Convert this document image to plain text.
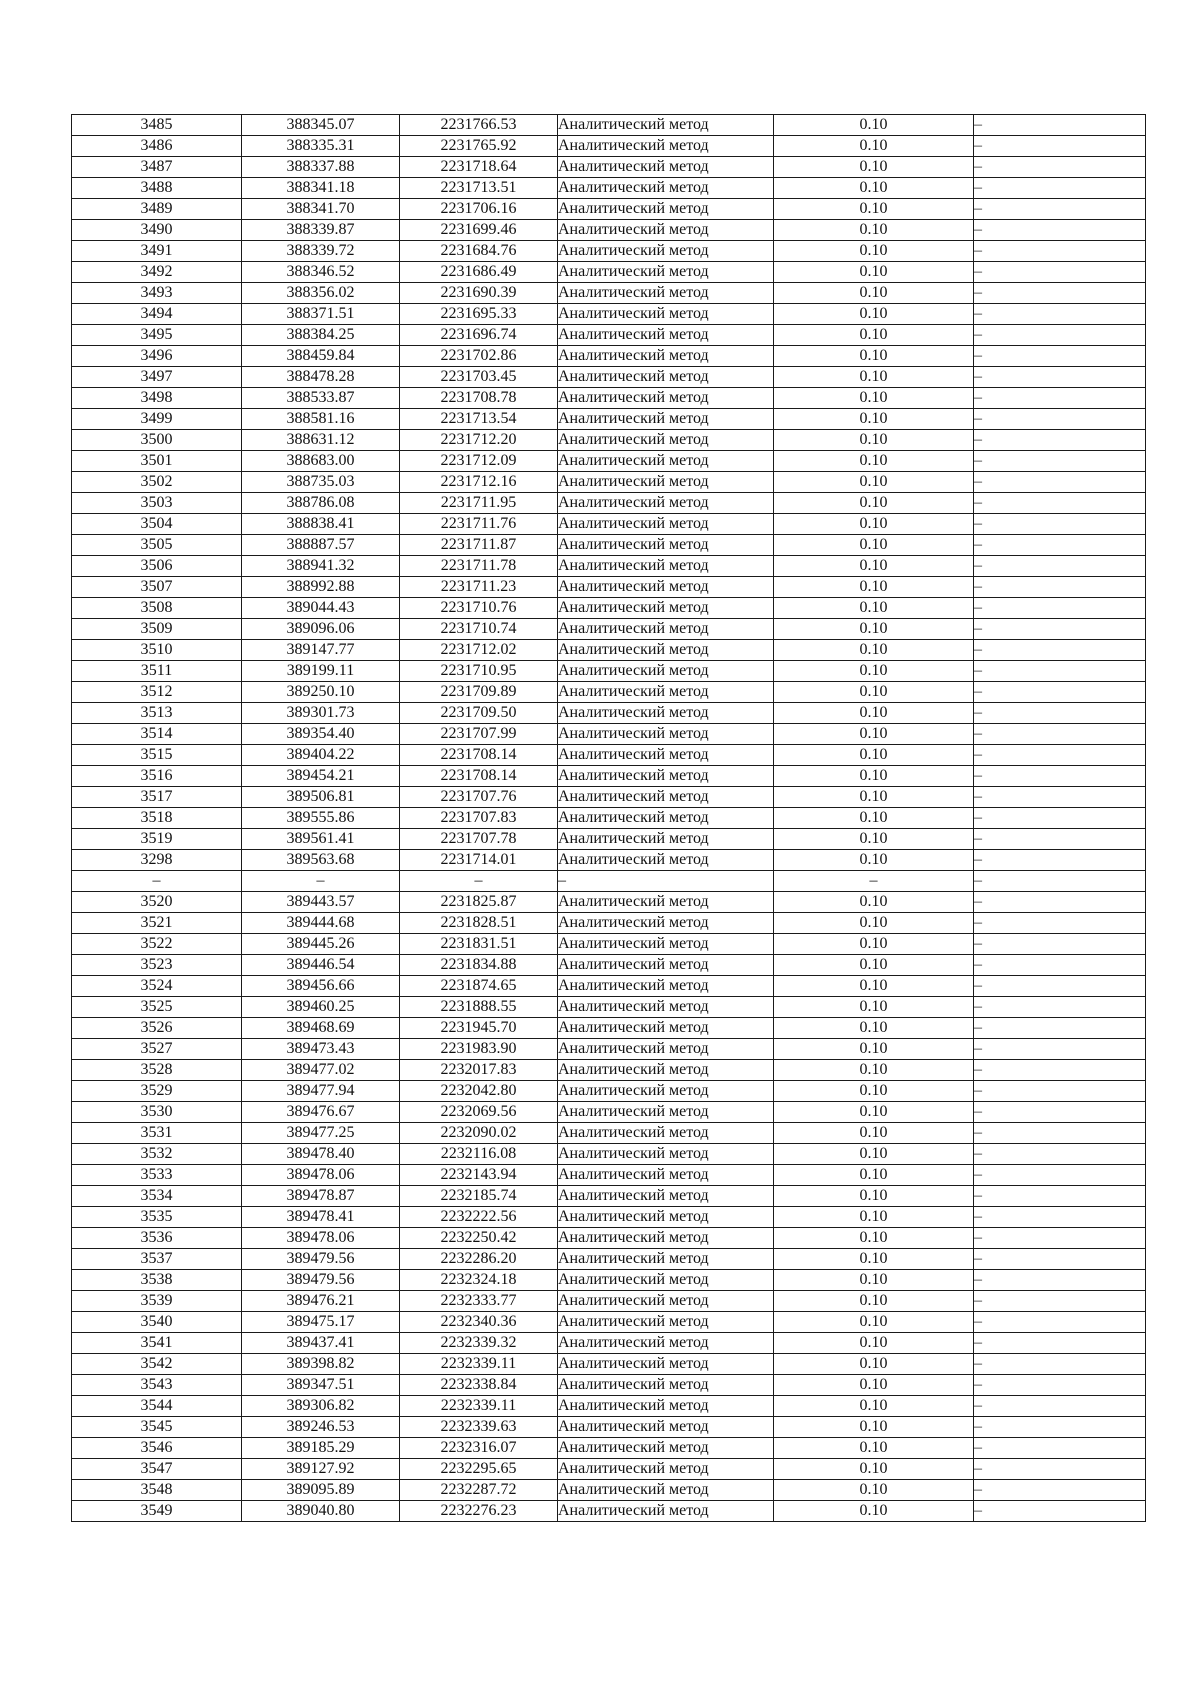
3485	388345.07	2231766.53	Аналитический метод	0.10	–
3486	388335.31	2231765.92	Аналитический метод	0.10	–
3487	388337.88	2231718.64	Аналитический метод	0.10	–
3488	388341.18	2231713.51	Аналитический метод	0.10	–
3489	388341.70	2231706.16	Аналитический метод	0.10	–
3490	388339.87	2231699.46	Аналитический метод	0.10	–
3491	388339.72	2231684.76	Аналитический метод	0.10	–
3492	388346.52	2231686.49	Аналитический метод	0.10	–
3493	388356.02	2231690.39	Аналитический метод	0.10	–
3494	388371.51	2231695.33	Аналитический метод	0.10	–
3495	388384.25	2231696.74	Аналитический метод	0.10	–
3496	388459.84	2231702.86	Аналитический метод	0.10	–
3497	388478.28	2231703.45	Аналитический метод	0.10	–
3498	388533.87	2231708.78	Аналитический метод	0.10	–
3499	388581.16	2231713.54	Аналитический метод	0.10	–
3500	388631.12	2231712.20	Аналитический метод	0.10	–
3501	388683.00	2231712.09	Аналитический метод	0.10	–
3502	388735.03	2231712.16	Аналитический метод	0.10	–
3503	388786.08	2231711.95	Аналитический метод	0.10	–
3504	388838.41	2231711.76	Аналитический метод	0.10	–
3505	388887.57	2231711.87	Аналитический метод	0.10	–
3506	388941.32	2231711.78	Аналитический метод	0.10	–
3507	388992.88	2231711.23	Аналитический метод	0.10	–
3508	389044.43	2231710.76	Аналитический метод	0.10	–
3509	389096.06	2231710.74	Аналитический метод	0.10	–
3510	389147.77	2231712.02	Аналитический метод	0.10	–
3511	389199.11	2231710.95	Аналитический метод	0.10	–
3512	389250.10	2231709.89	Аналитический метод	0.10	–
3513	389301.73	2231709.50	Аналитический метод	0.10	–
3514	389354.40	2231707.99	Аналитический метод	0.10	–
3515	389404.22	2231708.14	Аналитический метод	0.10	–
3516	389454.21	2231708.14	Аналитический метод	0.10	–
3517	389506.81	2231707.76	Аналитический метод	0.10	–
3518	389555.86	2231707.83	Аналитический метод	0.10	–
3519	389561.41	2231707.78	Аналитический метод	0.10	–
3298	389563.68	2231714.01	Аналитический метод	0.10	–
–	–	–	–	–	–
3520	389443.57	2231825.87	Аналитический метод	0.10	–
3521	389444.68	2231828.51	Аналитический метод	0.10	–
3522	389445.26	2231831.51	Аналитический метод	0.10	–
3523	389446.54	2231834.88	Аналитический метод	0.10	–
3524	389456.66	2231874.65	Аналитический метод	0.10	–
3525	389460.25	2231888.55	Аналитический метод	0.10	–
3526	389468.69	2231945.70	Аналитический метод	0.10	–
3527	389473.43	2231983.90	Аналитический метод	0.10	–
3528	389477.02	2232017.83	Аналитический метод	0.10	–
3529	389477.94	2232042.80	Аналитический метод	0.10	–
3530	389476.67	2232069.56	Аналитический метод	0.10	–
3531	389477.25	2232090.02	Аналитический метод	0.10	–
3532	389478.40	2232116.08	Аналитический метод	0.10	–
3533	389478.06	2232143.94	Аналитический метод	0.10	–
3534	389478.87	2232185.74	Аналитический метод	0.10	–
3535	389478.41	2232222.56	Аналитический метод	0.10	–
3536	389478.06	2232250.42	Аналитический метод	0.10	–
3537	389479.56	2232286.20	Аналитический метод	0.10	–
3538	389479.56	2232324.18	Аналитический метод	0.10	–
3539	389476.21	2232333.77	Аналитический метод	0.10	–
3540	389475.17	2232340.36	Аналитический метод	0.10	–
3541	389437.41	2232339.32	Аналитический метод	0.10	–
3542	389398.82	2232339.11	Аналитический метод	0.10	–
3543	389347.51	2232338.84	Аналитический метод	0.10	–
3544	389306.82	2232339.11	Аналитический метод	0.10	–
3545	389246.53	2232339.63	Аналитический метод	0.10	–
3546	389185.29	2232316.07	Аналитический метод	0.10	–
3547	389127.92	2232295.65	Аналитический метод	0.10	–
3548	389095.89	2232287.72	Аналитический метод	0.10	–
3549	389040.80	2232276.23	Аналитический метод	0.10	–
